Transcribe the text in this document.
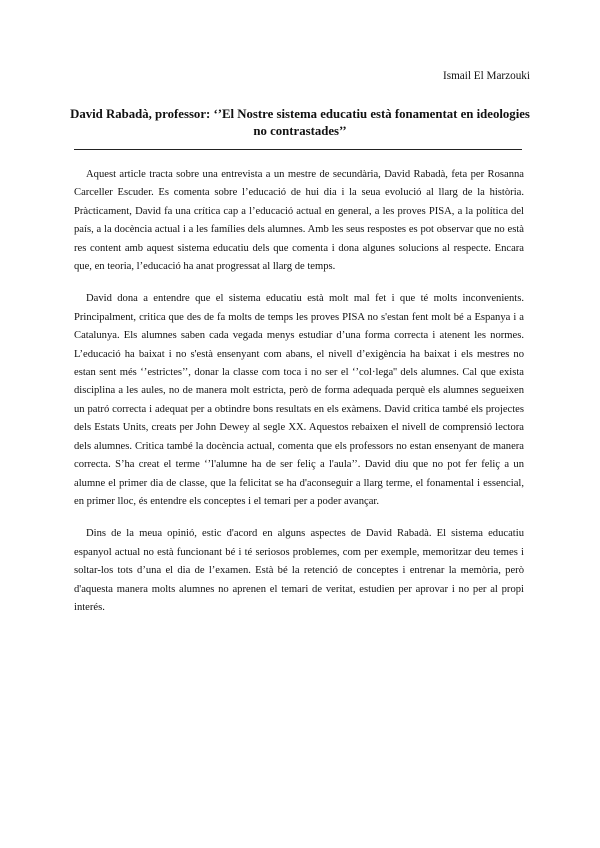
Ismail El Marzouki
David Rabadà, professor: ‘’El Nostre sistema educatiu està fonamentat en ideologies no contrastades’’

Aquest article tracta sobre una entrevista a un mestre de secundària, David Rabadà, feta per Rosanna Carceller Escuder. Es comenta sobre l’educació de hui dia i la seua evolució al llarg de la història. Pràcticament, David fa una crítica cap a l’educació actual en general, a les proves PISA, a la política del país, a la docència actual i a les famílies dels alumnes. Amb les seus respostes es pot observar que no està res content amb aquest sistema educatiu dels que comenta i dona algunes solucions al respecte. Encara que, en teoria, l’educació ha anat progressat al llarg de temps.

David dona a entendre que el sistema educatiu està molt mal fet i que té molts inconvenients. Principalment, critica que des de fa molts de temps les proves PISA no s'estan fent molt bé a Espanya i a Catalunya. Els alumnes saben cada vegada menys estudiar d’una forma correcta i atenent les normes. L’educació ha baixat i no s'està ensenyant com abans, el nivell d’exigència ha baixat i els mestres no estan sent més ‘’estrictes’’, donar la classe com toca i no ser el ‘’col·lega'' dels alumnes. Cal que exista disciplina a les aules, no de manera molt estricta, però de forma adequada perquè els alumnes segueixen un patró correcta i adequat per a obtindre bons resultats en els exàmens. David critica també els projectes dels Estats Units, creats per John Dewey al segle XX. Aquestos rebaixen el nivell de comprensió lectora dels alumnes. Critica també la docència actual, comenta que els professors no estan ensenyant de manera correcta. S’ha creat el terme ‘’l'alumne ha de ser feliç a l'aula’’. David diu que no pot fer feliç a un alumne el primer dia de classe, que la felicitat se ha d'aconseguir a llarg terme, el fonamental i essencial, en primer lloc, és entendre els conceptes i el temari per a poder avançar.

Dins de la meua opinió, estic d'acord en alguns aspectes de David Rabadà. El sistema educatiu espanyol actual no està funcionant bé i té seriosos problemes, com per exemple, memoritzar deu temes i soltar-los tots d’una el dia de l’examen. Està bé la retenció de conceptes i entrenar la memòria, però d'aquesta manera molts alumnes no aprenen el temari de veritat, estudien per aprovar i no per al propi interés.
